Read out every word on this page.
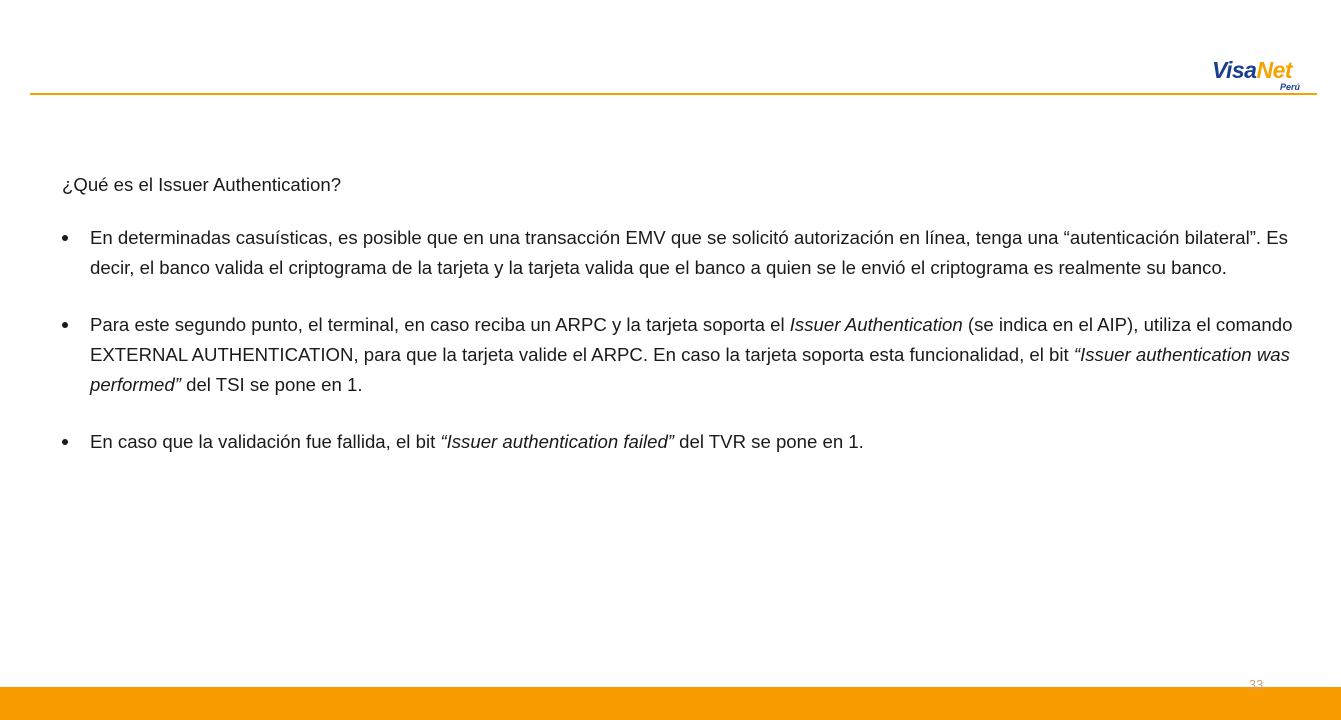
VisaNet
Perú
¿Qué es el Issuer Authentication?
En determinadas casuísticas, es posible que en una transacción EMV que se solicitó autorización en línea, tenga una “autenticación bilateral”. Es decir, el banco valida el criptograma de la tarjeta y la tarjeta valida que el banco a quien se le envió el criptograma es realmente su banco.
Para este segundo punto, el terminal, en caso reciba un ARPC y la tarjeta soporta el Issuer Authentication (se indica en el AIP), utiliza el comando EXTERNAL AUTHENTICATION, para que la tarjeta valide el ARPC. En caso la tarjeta soporta esta funcionalidad, el bit “Issuer authentication was performed” del TSI se pone en 1.
En caso que la validación fue fallida, el bit “Issuer authentication failed” del TVR se pone en 1.
33
